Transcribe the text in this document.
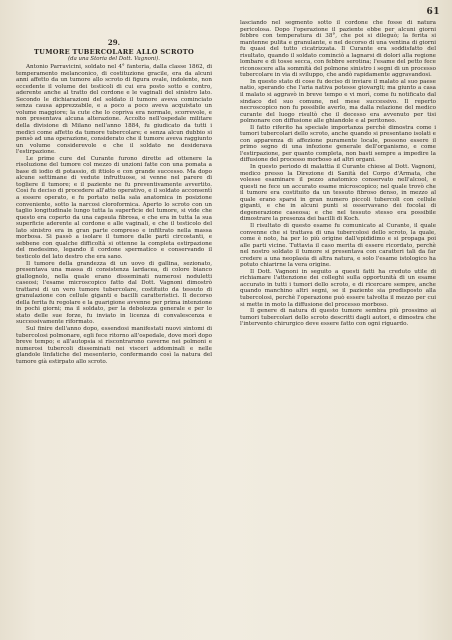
61
29.
TUMORE TUBERCOLARE ALLO SCROTO
(da una Storia del Dott. Vagnoni).

Antonio Parravicini, soldato nel 4° fanteria, dalla classe 1862, di temperamento melanconico, di costituzione gracile, era da alcuni anni affetto da un tumore allo scroto di figura ovale, indolente, non eccedente il volume dei testicoli di cui era posto sotto e contro, aderente anche al tratto del cordone e le vaginali del sinistro lato. Secondo le dichiarazioni del soldato il tumore aveva cominciato senza causa apprezzabile, e a poco a poco aveva acquistato un volume maggiore; la cute che lo copriva era normale, scorrevole, e non presentava alcuna alterazione. Accolto nell'ospedale militare della divisione di Milano nell'anno 1884, fu giudicato da tutti i medici come affetto da tumore tubercolare; e senza alcun dubbio si pensò ad una operazione, considerato che il tumore aveva raggiunto un volume considerevole e che il soldato ne desiderava l'estirpazione.

Le prime cure del Curante furono dirette ad ottenere la risoluzione del tumore col mezzo di unzioni fatte con una pomata a base di iodio di potassio, di ittiolo e con grande successo. Ma dopo alcune settimane di vedute infruttuose, si venne nel parere di togliere il tumore; e il paziente ne fu preventivamente avvertito. Così fu deciso di procedere all'atto operativo, e il soldato acconsentì a essere operato, e fu portato nella sala anatomica in posizione conveniente, sotto la narcosi cloroformica. Aperto lo scroto con un taglio longitudinale lungo tutta la superficie del tumore, si vide che questo era coperto da una capsula fibrosa, e che era in tutta la sua superficie aderente al cordone e alle vaginali, e che il testicolo del lato sinistro era in gran parte compreso e infiltrato nella massa morbosa. Si passò a isolare il tumore dalle parti circostanti, e sebbene con qualche difficoltà si ottenne la completa estirpazione del medesimo, legando il cordone spermatico e conservando il testicolo del lato destro che era sano.

Il tumore della grandezza di un uovo di gallina, sezionato, presentava una massa di consistenza lardacea, di colore bianco giallognolo, nella quale erano disseminati numerosi noduletti caseosi; l'esame microscopico fatto dal Dott. Vagnoni dimostrò trattarsi di un vero tumore tubercolare, costituito da tessuto di granulazione con cellule giganti e bacilli caratteristici. Il decorso della ferita fu regolare e la guarigione avvenne per prima intenzione in pochi giorni; ma il soldato, per la debolezza generale e per lo stato delle sue forze, fu inviato in licenza di convalescenza e successivamente riformato.

Sul finire dell'anno dopo, essendosi manifestati nuovi sintomi di tubercolosi polmonare, egli fece ritorno all'ospedale, dove morì dopo breve tempo; e all'autopsia si riscontrarono caverne nei polmoni e numerosi tubercoli disseminati nei visceri addominali e nelle glandole linfatiche del mesenterio, confermando così la natura del tumore già estirpato allo scroto.

lasciando nel segmento sotto il cordone che fosse di natura pericolosa. Dopo l'operazione il paziente ebbe per alcuni giorni febbre con temperatura di 38°, che poi si dileguò; la ferita si mantenne pulita e granulante, e nel decorso di una ventina di giorni fu quasi del tutto cicatrizzata. Il Curante era soddisfatto del risultato, quando il soldato cominciò a lagnarsi di dolori alla regione lombare e di tosse secca, con febbre serotina; l'esame del petto fece riconoscere alla sommità del polmone sinistro i segni di un processo tubercolare in via di sviluppo, che andò rapidamente aggravandosi.

In questo stato di cose fu deciso di inviare il malato al suo paese natio, sperando che l'aria nativa potesse giovargli; ma giunto a casa il malato si aggravò in breve tempo e vi morì, come fu notificato dal sindaco del suo comune, nel mese successivo. Il reperto necroscopico non fu possibile averlo, ma dalla relazione del medico curante del luogo risultò che il decesso era avvenuto per tisi polmonare con diffusione alle ghiandole e al peritoneo.

Il fatto riferito ha speciale importanza perchè dimostra come i tumori tubercolari dello scroto, anche quando si presentano isolati e con apparenza di affezione puramente locale, possono essere il primo segno di una infezione generale dell'organismo, e come l'estirpazione, per quanto completa, non basti sempre a impedire la diffusione del processo morboso ad altri organi.

In questo periodo di malattia il Curante chiese al Dott. Vagnoni, medico presso la Direzione di Sanità del Corpo d'Armata, che volesse esaminare il pezzo anatomico conservato nell'alcool, e questi ne fece un accurato esame microscopico; nel quale trovò che il tumore era costituito da un tessuto fibroso denso, in mezzo al quale erano sparsi in gran numero piccoli tubercoli con cellule giganti, e che in alcuni punti si osservavano dei focolai di degenerazione caseosa; e che nel tessuto stesso era possibile dimostrare la presenza dei bacilli di Koch.

Il risultato di questo esame fu comunicato al Curante, il quale convenne che si trattava di una tubercolosi dello scroto, la quale, come è noto, ha per lo più origine dall'epididimo e si propaga poi alle parti vicine. Tuttavia il caso merita di essere ricordato, perchè nel nostro soldato il tumore si presentava con caratteri tali da far credere a una neoplasia di altra natura, e solo l'esame istologico ha potuto chiarirne la vera origine.

Il Dott. Vagnoni in seguito a questi fatti ha creduto utile di richiamare l'attenzione dei colleghi sulla opportunità di un esame accurato in tutti i tumori dello scroto, e di ricercare sempre, anche quando manchino altri segni, se il paziente sia predisposto alla tubercolosi, perchè l'operazione può essere talvolta il mezzo per cui si mette in moto la diffusione del processo morboso.

Il genere di natura di questo tumore sembra più prossimo ai tumori tubercolari dello scroto descritti dagli autori, e dimostra che l'intervento chirurgico deve essere fatto con ogni riguardo.
